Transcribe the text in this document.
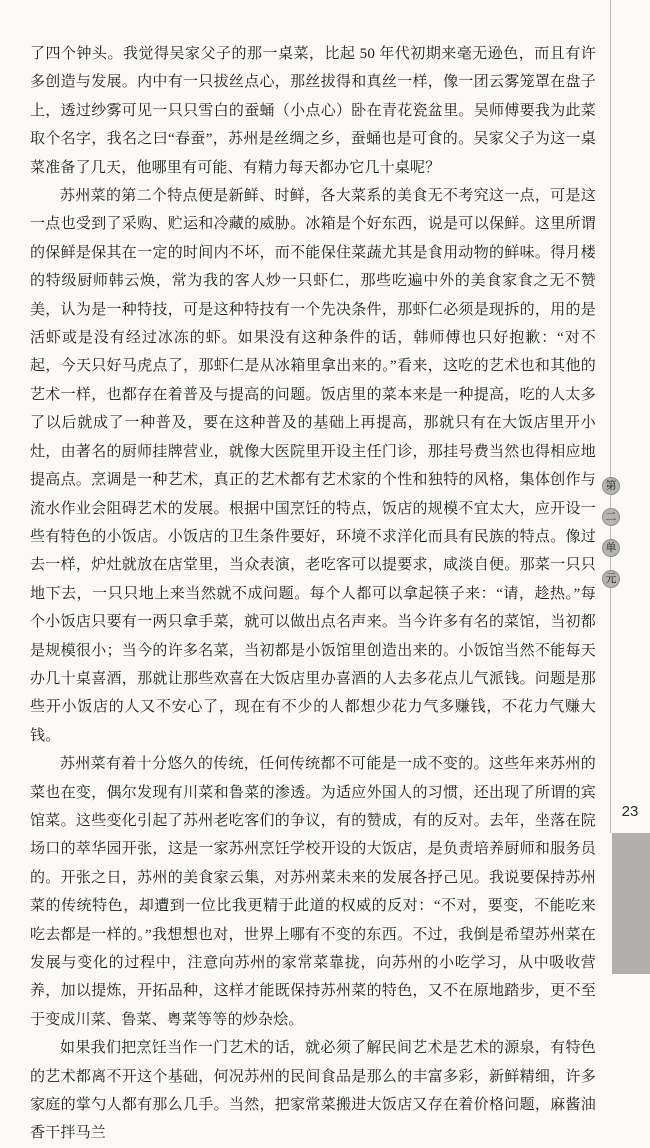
了四个钟头。我觉得吴家父子的那一桌菜，比起 50 年代初期来毫无逊色，而且有许多创造与发展。内中有一只拔丝点心，那丝拔得和真丝一样，像一团云雾笼罩在盘子上，透过纱雾可见一只只雪白的蚕蛹（小点心）卧在青花瓷盆里。吴师傅要我为此菜取个名字，我名之曰“春蚕”，苏州是丝绸之乡，蚕蛹也是可食的。吴家父子为这一桌菜准备了几天，他哪里有可能、有精力每天都办它几十桌呢？

苏州菜的第二个特点便是新鲜、时鲜，各大菜系的美食无不考究这一点，可是这一点也受到了采购、贮运和冷藏的威胁。冰箱是个好东西，说是可以保鲜。这里所谓的保鲜是保其在一定的时间内不坏，而不能保住菜蔬尤其是食用动物的鲜味。得月楼的特级厨师韩云焕，常为我的客人炒一只虾仁，那些吃遍中外的美食家食之无不赞美，认为是一种特技，可是这种特技有一个先决条件，那虾仁必须是现拆的，用的是活虾或是没有经过冰冻的虾。如果没有这种条件的话，韩师傅也只好抱歉：“对不起，今天只好马虎点了，那虾仁是从冰箱里拿出来的。”看来，这吃的艺术也和其他的艺术一样，也都存在着普及与提高的问题。饭店里的菜本来是一种提高，吃的人太多了以后就成了一种普及，要在这种普及的基础上再提高，那就只有在大饭店里开小灶，由著名的厨师挂牌营业，就像大医院里开设主任门诊，那挂号费当然也得相应地提高点。烹调是一种艺术，真正的艺术都有艺术家的个性和独特的风格，集体创作与流水作业会阻碍艺术的发展。根据中国烹饪的特点，饭店的规模不宜太大，应开设一些有特色的小饭店。小饭店的卫生条件要好，环境不求洋化而具有民族的特点。像过去一样，炉灶就放在店堂里，当众表演，老吃客可以提要求，咸淡自便。那菜一只只地下去，一只只地上来当然就不成问题。每个人都可以拿起筷子来：“请，趁热。”每个小饭店只要有一两只拿手菜，就可以做出点名声来。当今许多有名的菜馆，当初都是规模很小；当今的许多名菜，当初都是小饭馆里创造出来的。小饭馆当然不能每天办几十桌喜酒，那就让那些欢喜在大饭店里办喜酒的人去多花点儿气派钱。问题是那些开小饭店的人又不安心了，现在有不少的人都想少花力气多赚钱，不花力气赚大钱。

苏州菜有着十分悠久的传统，任何传统都不可能是一成不变的。这些年来苏州的菜也在变，偶尔发现有川菜和鲁菜的渗透。为适应外国人的习惯，还出现了所谓的宾馆菜。这些变化引起了苏州老吃客们的争议，有的赞成，有的反对。去年，坐落在院场口的萃华园开张，这是一家苏州烹饪学校开设的大饭店，是负责培养厨师和服务员的。开张之日，苏州的美食家云集，对苏州菜未来的发展各抒己见。我说要保持苏州菜的传统特色，却遭到一位比我更精于此道的权威的反对：“不对，要变，不能吃来吃去都是一样的。”我想想也对，世界上哪有不变的东西。不过，我倒是希望苏州菜在发展与变化的过程中，注意向苏州的家常菜靠拢，向苏州的小吃学习，从中吸收营养，加以提炼，开拓品种，这样才能既保持苏州菜的特色，又不在原地踏步，更不至于变成川菜、鲁菜、粤菜等等的炒杂烩。

如果我们把烹饪当作一门艺术的话，就必须了解民间艺术是艺术的源泉，有特色的艺术都离不开这个基础，何况苏州的民间食品是那么的丰富多彩，新鲜精细，许多家庭的掌勺人都有那么几手。当然，把家常菜搬进大饭店又存在着价格问题，麻酱油香干拌马兰

第
二
单
元
23
